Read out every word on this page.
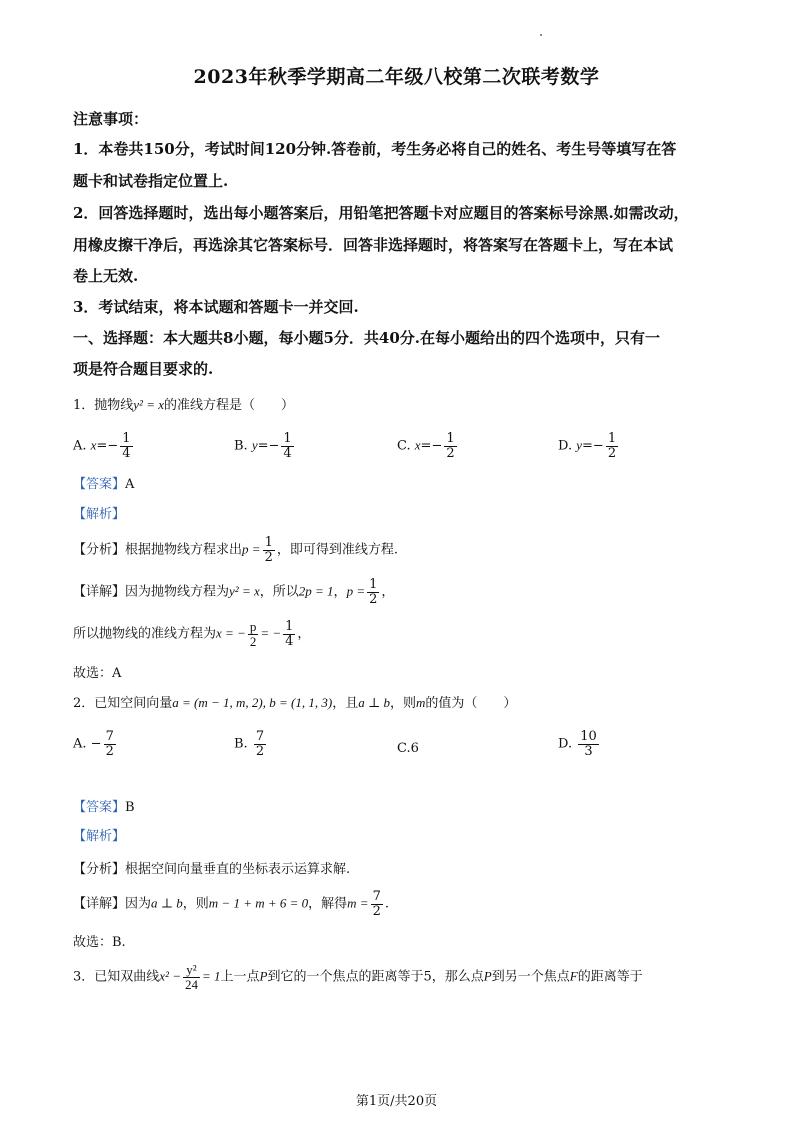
2023年秋季学期高二年级八校第二次联考数学
注意事项：
1．本卷共150分，考试时间120分钟.答卷前，考生务必将自己的姓名、考生号等填写在答
题卡和试卷指定位置上.
2．回答选择题时，选出每小题答案后，用铅笔把答题卡对应题目的答案标号涂黑.如需改动，
用橡皮擦干净后，再选涂其它答案标号．回答非选择题时，将答案写在答题卡上，写在本试
卷上无效.
3．考试结束，将本试题和答题卡一并交回.
一、选择题：本大题共8小题，每小题5分．共40分.在每小题给出的四个选项中，只有一
项是符合题目要求的.
1．抛物线y² = x的准线方程是（　　）
A. $x=- \frac{1}{4}$	B. $y=- \frac{1}{4}$	C. $x=- \frac{1}{2}$	D. $y=- \frac{1}{2}$
【答案】A
【解析】
【分析】根据抛物线方程求出$p = \frac{1}{2}$ ，即可得到准线方程.
【详解】因为抛物线方程为y² = x，所以2p = 1，$p = \frac{1}{2}$ ，
所以抛物线的准线方程为x = − $\frac{p}{2}$ = − $\frac{1}{4}$ ，
故选：A
2．已知空间向量a = (m − 1, m, 2), b = (1, 1, 3)，且a ⊥ b，则m的值为（　　）
A. − $\frac{7}{2}$	B. $\frac{7}{2}$	C.6	D. $\frac{10}{3}$
【答案】B
【解析】
【分析】根据空间向量垂直的坐标表示运算求解.
【详解】因为a ⊥ b，则m − 1 + m + 6 = 0，解得$m = \frac{7}{2}$ .
故选：B.
3．已知双曲线$x^2 - \frac{\text{y²}}{24} = 1$上一点P到它的一个焦点的距离等于5，那么点P到另一个焦点F的距离等于
第1页/共20页
